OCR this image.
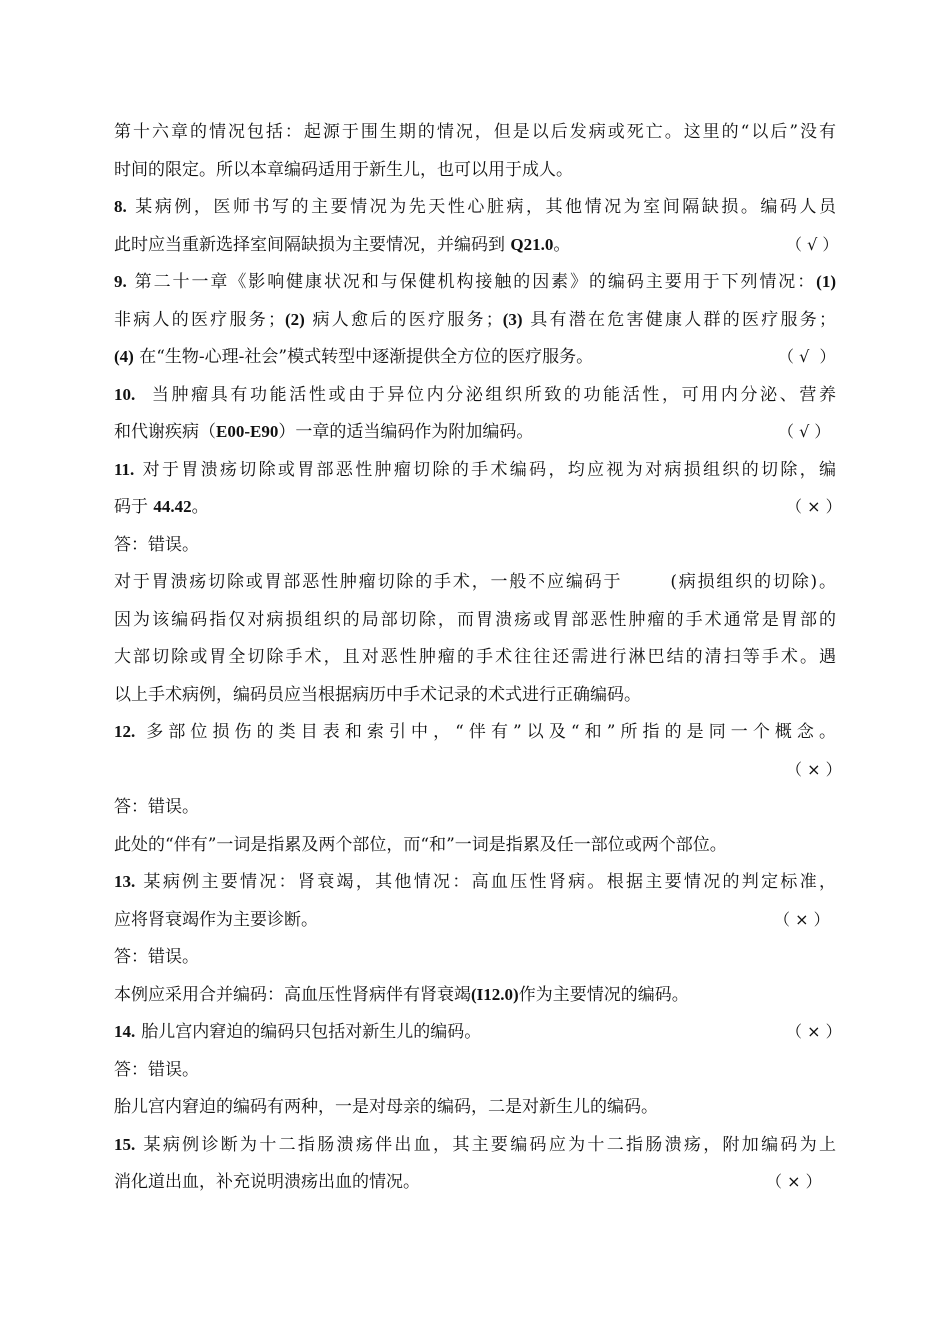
第十六章的情况包括：起源于围生期的情况，但是以后发病或死亡。这里的“以后”没有
时间的限定。所以本章编码适用于新生儿，也可以用于成人。
8. 某病例，医师书写的主要情况为先天性心脏病，其他情况为室间隔缺损。编码人员
此时应当重新选择室间隔缺损为主要情况，并编码到 Q21.0。	（ √ ）
9. 第二十一章《影响健康状况和与保健机构接触的因素》的编码主要用于下列情况：(1)
非病人的医疗服务；(2) 病人愈后的医疗服务；(3) 具有潜在危害健康人群的医疗服务；
(4) 在“生物-心理-社会”模式转型中逐渐提供全方位的医疗服务。	（ √  ）
10. 当肿瘤具有功能活性或由于异位内分泌组织所致的功能活性，可用内分泌、营养
和代谢疾病（E00-E90）一章的适当编码作为附加编码。	（ √ ）
11. 对于胃溃疡切除或胃部恶性肿瘤切除的手术编码，均应视为对病损组织的切除，编
码于 44.42。	（ × ）
答：错误。
对于胃溃疡切除或胃部恶性肿瘤切除的手术，一般不应编码于	(病损组织的切除)。
因为该编码指仅对病损组织的局部切除，而胃溃疡或胃部恶性肿瘤的手术通常是胃部的
大部切除或胃全切除手术，且对恶性肿瘤的手术往往还需进行淋巴结的清扫等手术。遇
以上手术病例，编码员应当根据病历中手术记录的术式进行正确编码。
12. 多部位损伤的类目表和索引中，“伴有”以及“和”所指的是同一个概念。
（ × ）
答：错误。
此处的“伴有”一词是指累及两个部位，而“和”一词是指累及任一部位或两个部位。
13. 某病例主要情况：肾衰竭，其他情况：高血压性肾病。根据主要情况的判定标准，
应将肾衰竭作为主要诊断。	（ × ）
答：错误。
本例应采用合并编码：高血压性肾病伴有肾衰竭(I12.0)作为主要情况的编码。
14. 胎儿宫内窘迫的编码只包括对新生儿的编码。	（ × ）
答：错误。
胎儿宫内窘迫的编码有两种，一是对母亲的编码，二是对新生儿的编码。
15. 某病例诊断为十二指肠溃疡伴出血，其主要编码应为十二指肠溃疡，附加编码为上
消化道出血，补充说明溃疡出血的情况。	（ × ）
